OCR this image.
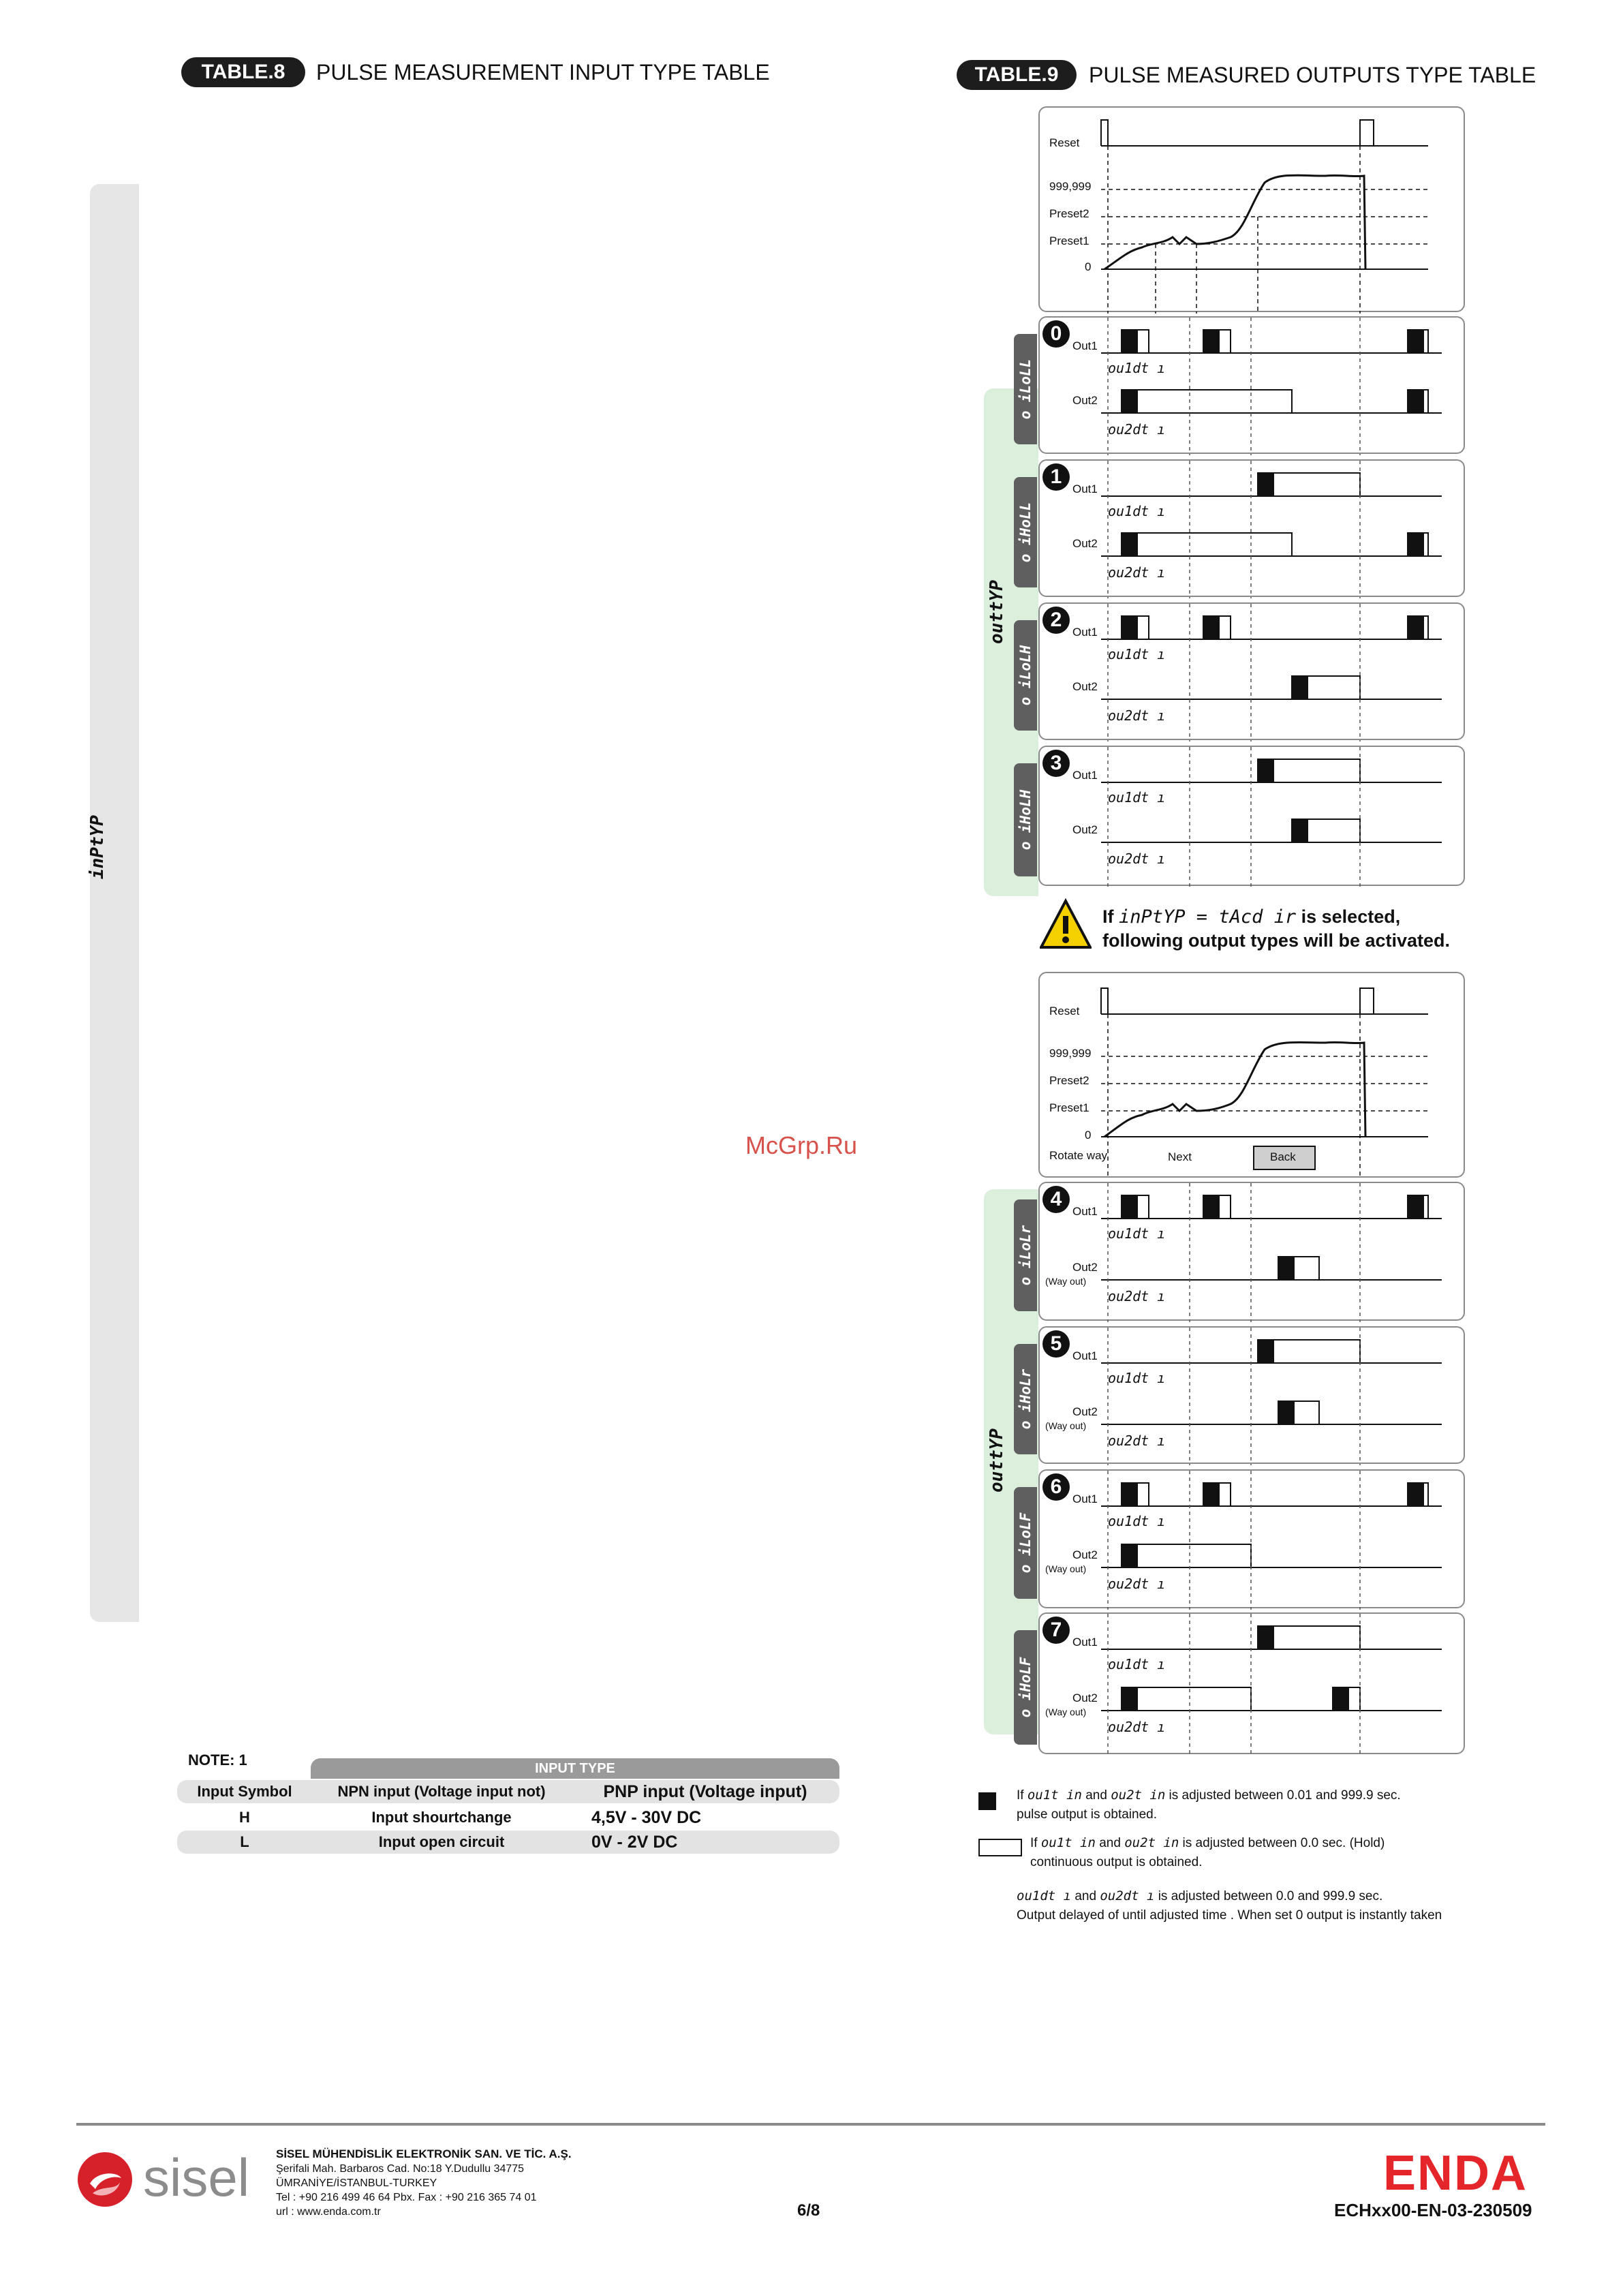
TABLE.8	PULSE MEASUREMENT INPUT TYPE TABLE
inPtYP
NOTE: 1	INPUT TYPE
Input Symbol	NPN input (Voltage input not)	PNP input (Voltage input)
H	Input shourtchange	4,5V - 30V DC
L	Input open circuit	0V - 2V DC
TABLE.9	PULSE MEASURED OUTPUTS TYPE TABLE
outtYP
outtYP
Reset
999,999
Preset2
Preset1
0
o iLoLL
0
Out1
Out2
ou1dt ı
ou2dt ı
o iHoLL
1
Out1
Out2
ou1dt ı
ou2dt ı
o iLoLH
2
Out1
Out2
ou1dt ı
ou2dt ı
o iHoLH
3
Out1
Out2
ou1dt ı
ou2dt ı
If inPtYP = tAcd ir is selected,
following output types will be activated.
Reset
999,999
Preset2
Preset1
0
Rotate way	Next	Back
o iLoLr
4
Out1
Out2
(Way out)
ou1dt ı
ou2dt ı
o iHoLr
5
Out1
Out2
(Way out)
ou1dt ı
ou2dt ı
o iLoLF
6
Out1
Out2
(Way out)
ou1dt ı
ou2dt ı
o iHoLF
7
Out1
Out2
(Way out)
ou1dt ı
ou2dt ı
If ou1t in and ou2t in is adjusted between 0.01 and 999.9 sec.
pulse output is obtained.
If ou1t in and ou2t in is adjusted between 0.0 sec. (Hold)
continuous output is obtained.
ou1dt ı and ou2dt ı is adjusted between 0.0 and 999.9 sec.
Output delayed of until adjusted time . When set 0 output is instantly taken
McGrp.Ru
sisel SİSEL MÜHENDİSLİK ELEKTRONİK SAN. VE TİC. A.Ş.
Şerifali Mah. Barbaros Cad. No:18 Y.Dudullu 34775
ÜMRANİYE/İSTANBUL-TURKEY
Tel : +90 216 499 46 64 Pbx. Fax : +90 216 365 74 01
url : www.enda.com.tr	6/8
ENDA
ECHxx00-EN-03-230509
